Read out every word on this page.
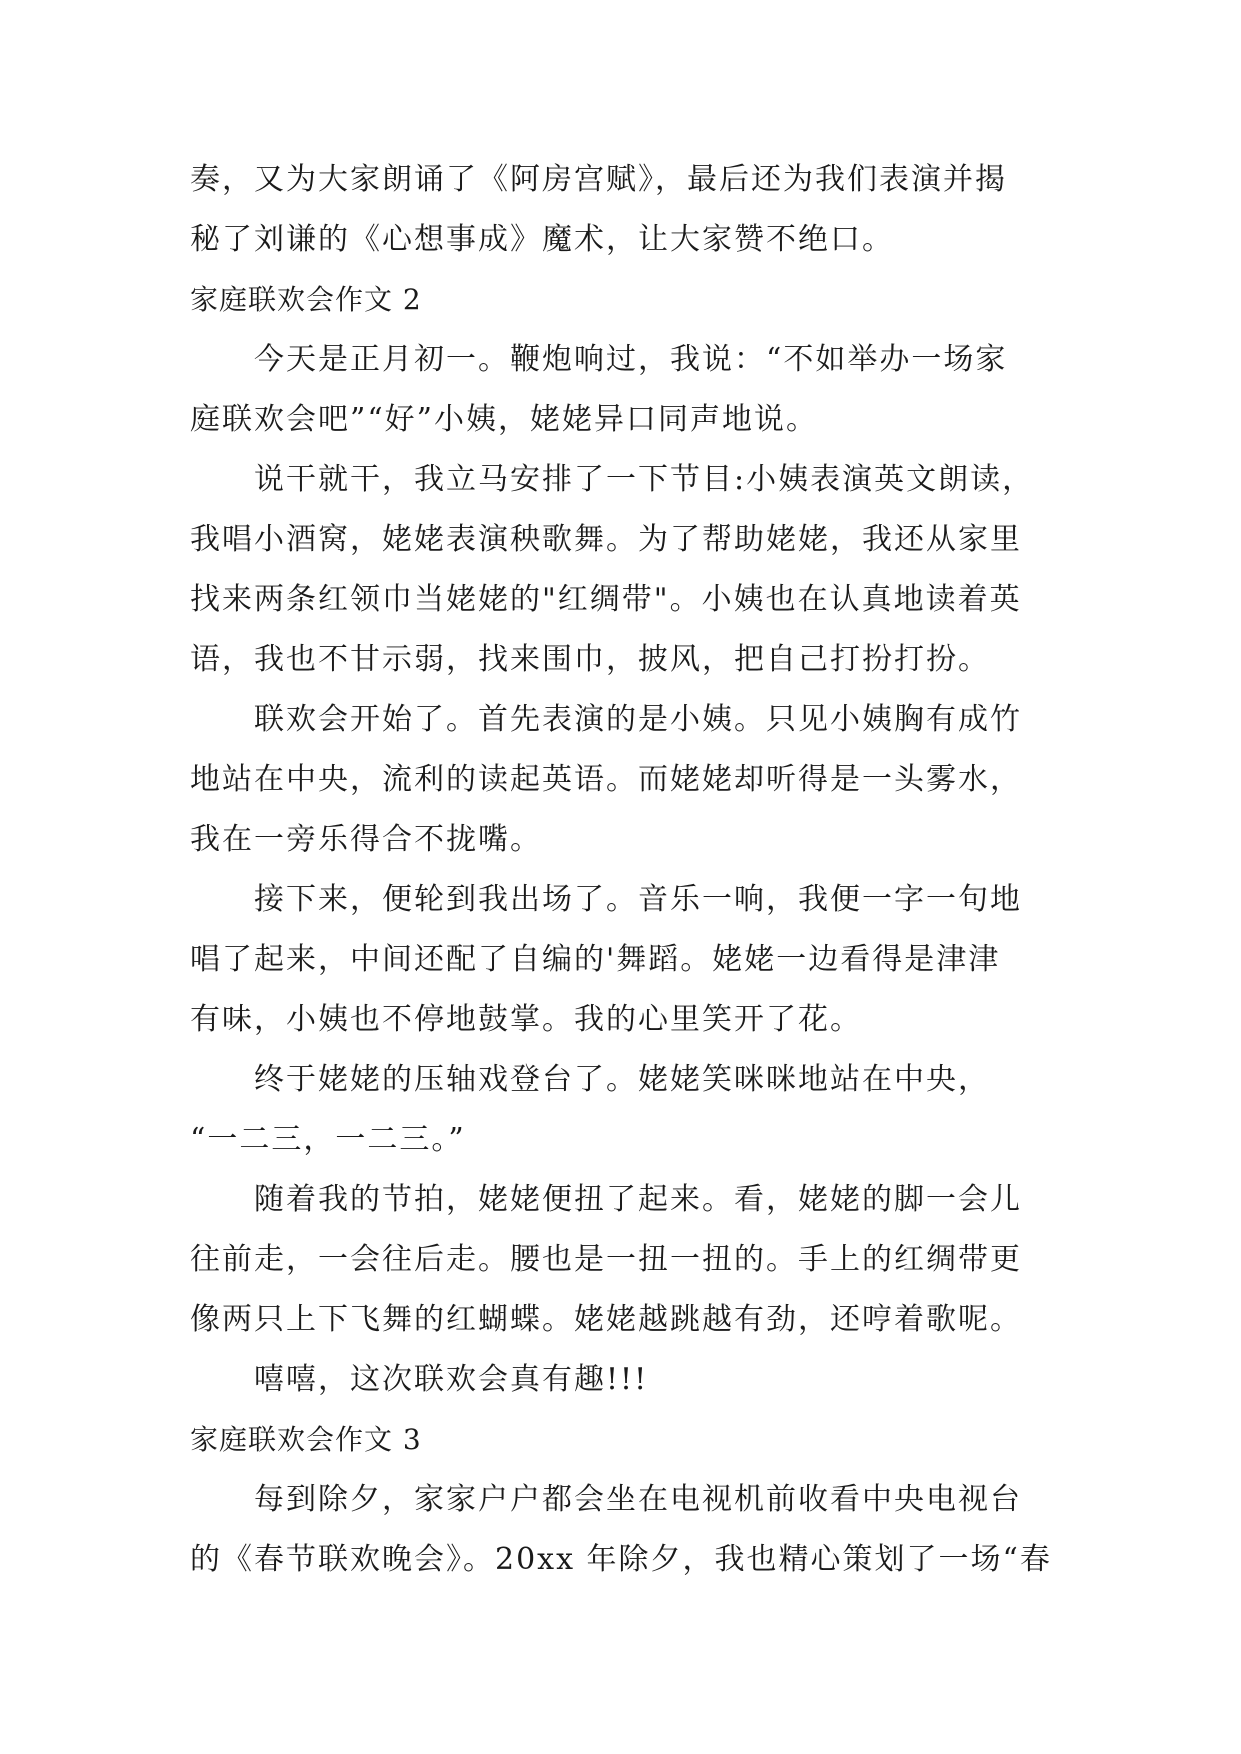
奏，又为大家朗诵了《阿房宫赋》，最后还为我们表演并揭
秘了刘谦的《心想事成》魔术，让大家赞不绝口。
家庭联欢会作文 2
今天是正月初一。鞭炮响过，我说：“不如举办一场家
庭联欢会吧”“好”小姨，姥姥异口同声地说。
说干就干，我立马安排了一下节目:小姨表演英文朗读，
我唱小酒窝，姥姥表演秧歌舞。为了帮助姥姥，我还从家里
找来两条红领巾当姥姥的"红绸带"。小姨也在认真地读着英
语，我也不甘示弱，找来围巾，披风，把自己打扮打扮。
联欢会开始了。首先表演的是小姨。只见小姨胸有成竹
地站在中央，流利的读起英语。而姥姥却听得是一头雾水，
我在一旁乐得合不拢嘴。
接下来，便轮到我出场了。音乐一响，我便一字一句地
唱了起来，中间还配了自编的'舞蹈。姥姥一边看得是津津
有味，小姨也不停地鼓掌。我的心里笑开了花。
终于姥姥的压轴戏登台了。姥姥笑咪咪地站在中央，
“一二三，一二三。”
随着我的节拍，姥姥便扭了起来。看，姥姥的脚一会儿
往前走，一会往后走。腰也是一扭一扭的。手上的红绸带更
像两只上下飞舞的红蝴蝶。姥姥越跳越有劲，还哼着歌呢。
嘻嘻，这次联欢会真有趣!!!
家庭联欢会作文 3
每到除夕，家家户户都会坐在电视机前收看中央电视台
的《春节联欢晚会》。20xx 年除夕，我也精心策划了一场“春
